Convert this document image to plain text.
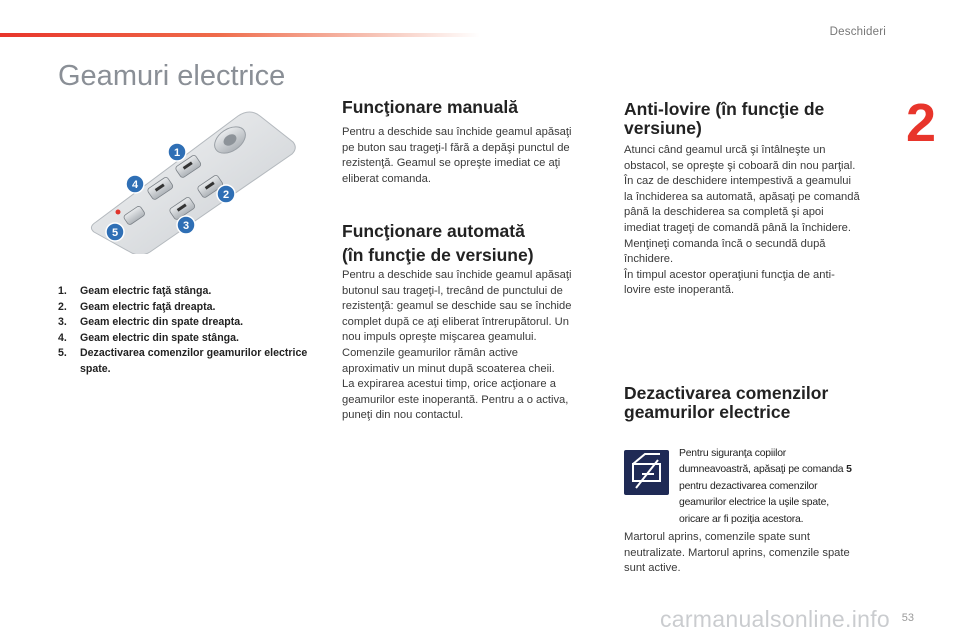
Deschideri
2
Geamuri electrice
1
2
3
4
5
1. Geam electric faţă stânga.
2. Geam electric faţă dreapta.
3. Geam electric din spate dreapta.
4. Geam electric din spate stânga.
5. Dezactivarea comenzilor geamurilor electrice spate.
Funcţionare manuală

Pentru a deschide sau închide geamul apăsaţi
pe buton sau trageţi-l fără a depăşi punctul de
rezistenţă. Geamul se opreşte imediat ce aţi
eliberat comanda.

Funcţionare automată
(în funcţie de versiune)

Pentru a deschide sau închide geamul apăsaţi
butonul sau trageţi-l, trecând de punctului de
rezistenţă: geamul se deschide sau se închide
complet după ce aţi eliberat întrerupătorul. Un
nou impuls opreşte mişcarea geamului.
Comenzile geamurilor rămân active
aproximativ un minut după scoaterea cheii.
La expirarea acestui timp, orice acţionare a
geamurilor este inoperantă. Pentru a o activa,
puneţi din nou contactul.

Anti-lovire (în funcţie de
versiune)

Atunci când geamul urcă şi întâlneşte un
obstacol, se opreşte şi coboară din nou parţial.
În caz de deschidere intempestivă a geamului
la închiderea sa automată, apăsaţi pe comandă
până la deschiderea sa completă şi apoi
imediat trageţi de comandă până la închidere.
Menţineţi comanda încă o secundă după
închidere.
În timpul acestor operaţiuni funcţia de anti-
lovire este inoperantă.

Dezactivarea comenzilor
geamurilor electrice

Pentru siguranţa copiilor
dumneavoastră, apăsaţi pe comanda 5
pentru dezactivarea comenzilor
geamurilor electrice la uşile spate,
oricare ar fi poziţia acestora.

Martorul aprins, comenzile spate sunt
neutralizate. Martorul aprins, comenzile spate
sunt active.

carmanualsonline.info 53
